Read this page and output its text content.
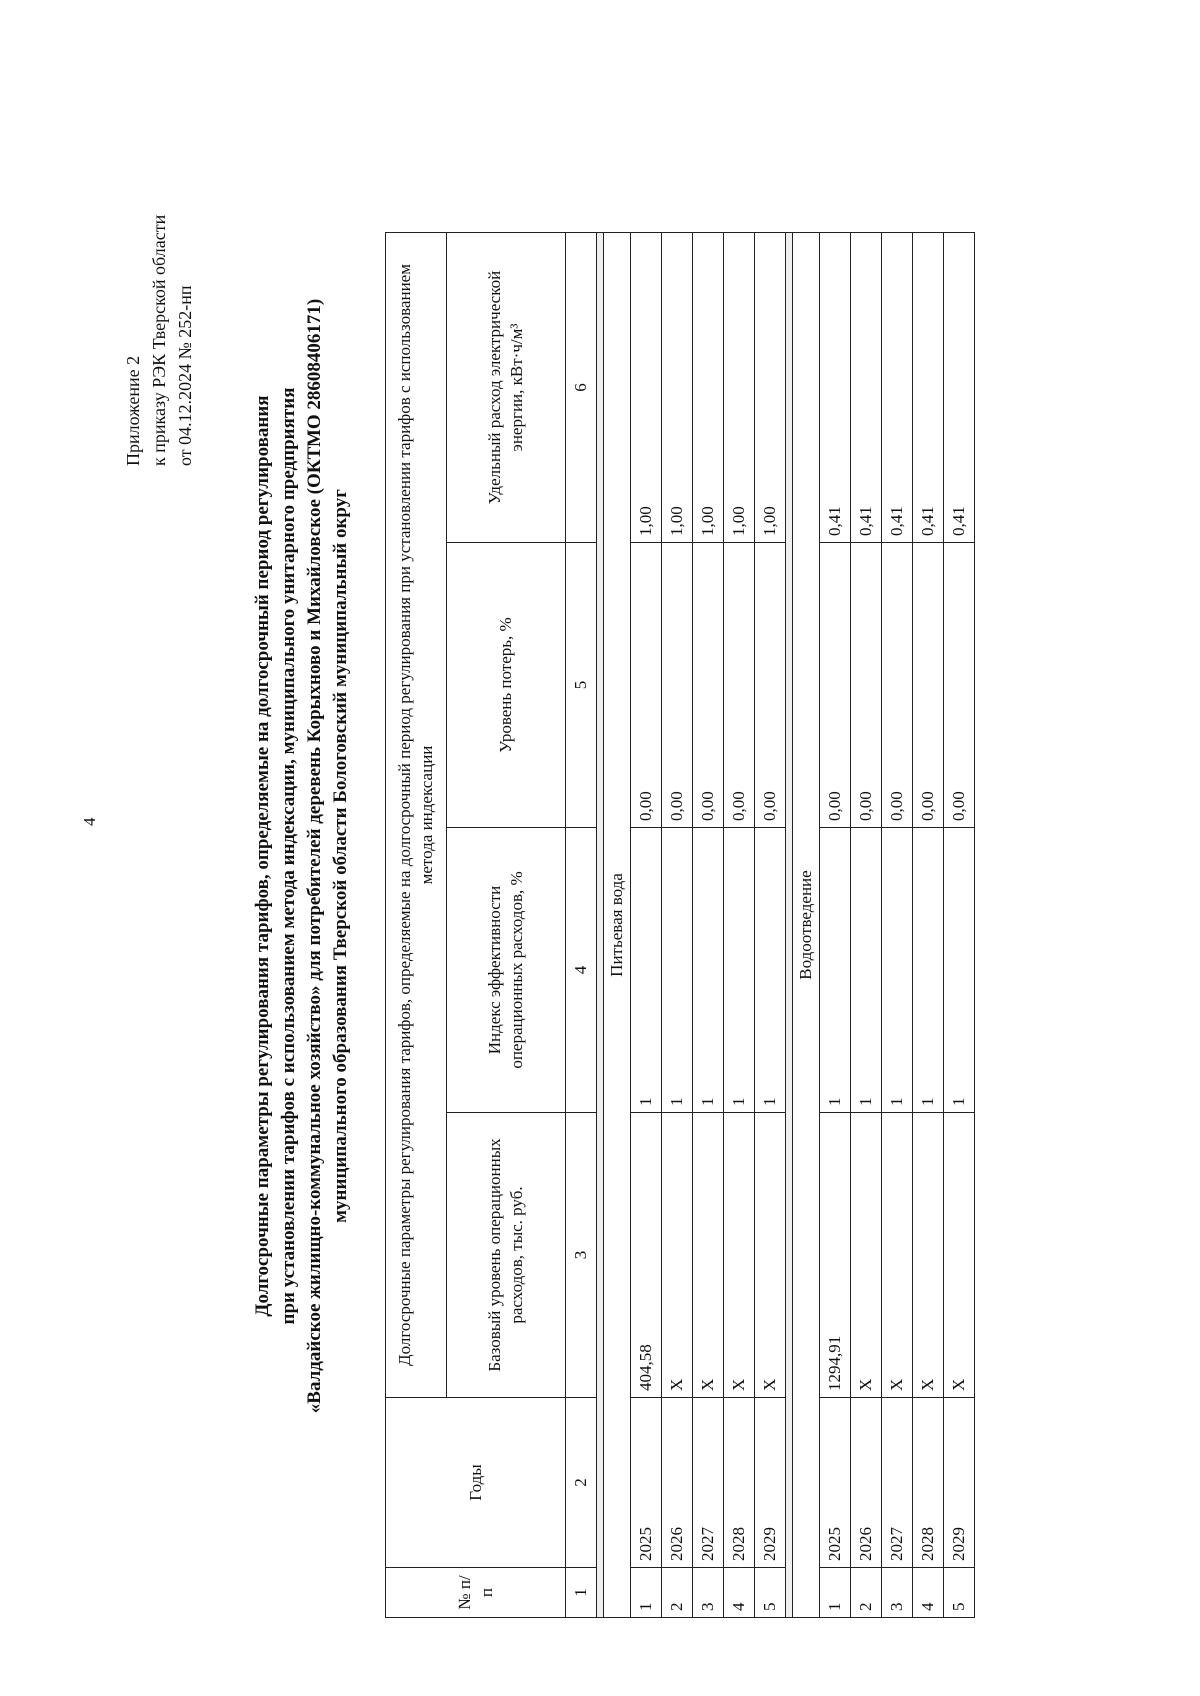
4
Приложение 2 к приказу РЭК Тверской области от 04.12.2024 № 252-нп
Долгосрочные параметры регулирования тарифов, определяемые на долгосрочный период регулирования при установлении тарифов с использованием метода индексации, муниципального унитарного предприятия «Валдайское жилищно-коммунальное хозяйство» для потребителей деревень Корыхново и Михайловское (ОКТМО 28608406171) муниципального образования Тверской области Бологовский муниципальный округ
№ п/п	Годы	Долгосрочные параметры регулирования тарифов, определяемые на долгосрочный период регулирования при установлении тарифов с использованием метода индексации			
		Базовый уровень операционных расходов, тыс. руб.	Индекс эффективности операционных расходов, %	Уровень потерь, %	Удельный расход электрической энергии, кВт·ч/м³
1	2	3	4	5	6

Питьевая вода					
1	2025	404,58	1	0,00	1,00
2	2026	Х	1	0,00	1,00
3	2027	Х	1	0,00	1,00
4	2028	Х	1	0,00	1,00
5	2029	Х	1	0,00	1,00

Водоотведение					
1	2025	1294,91	1	0,00	0,41
2	2026	Х	1	0,00	0,41
3	2027	Х	1	0,00	0,41
4	2028	Х	1	0,00	0,41
5	2029	Х	1	0,00	0,41
